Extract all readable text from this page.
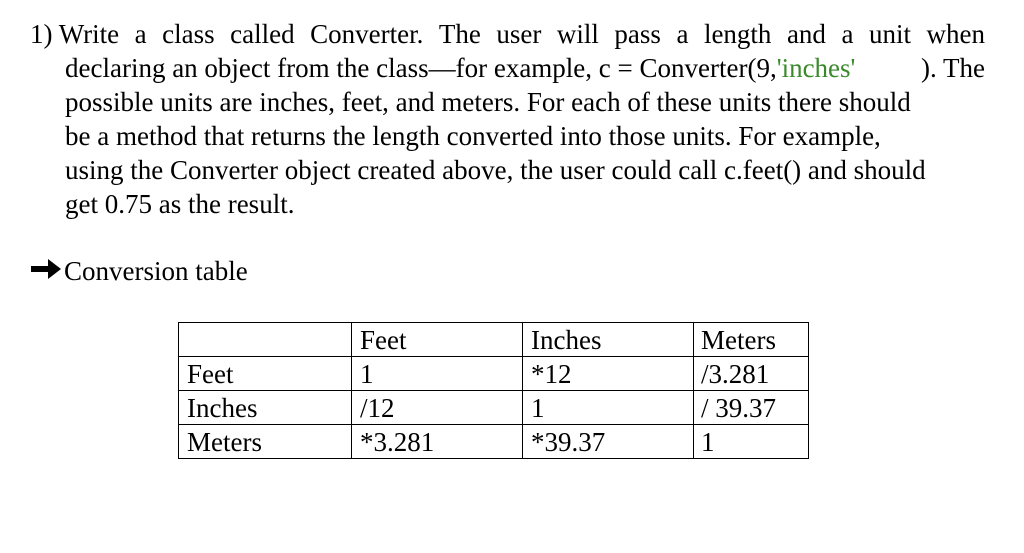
1) Write a class called Converter. The user will pass a length and a unit when
declaring an object from the class—for example, c = Converter(9,'inches' ). The
possible units are inches, feet, and meters. For each of these units there should
be a method that returns the length converted into those units. For example,
using the Converter object created above, the user could call c.feet() and should
get 0.75 as the result.
Conversion table
	Feet	Inches	Meters
Feet	1	*12	/3.281
Inches	/12	1	/ 39.37
Meters	*3.281	*39.37	1
